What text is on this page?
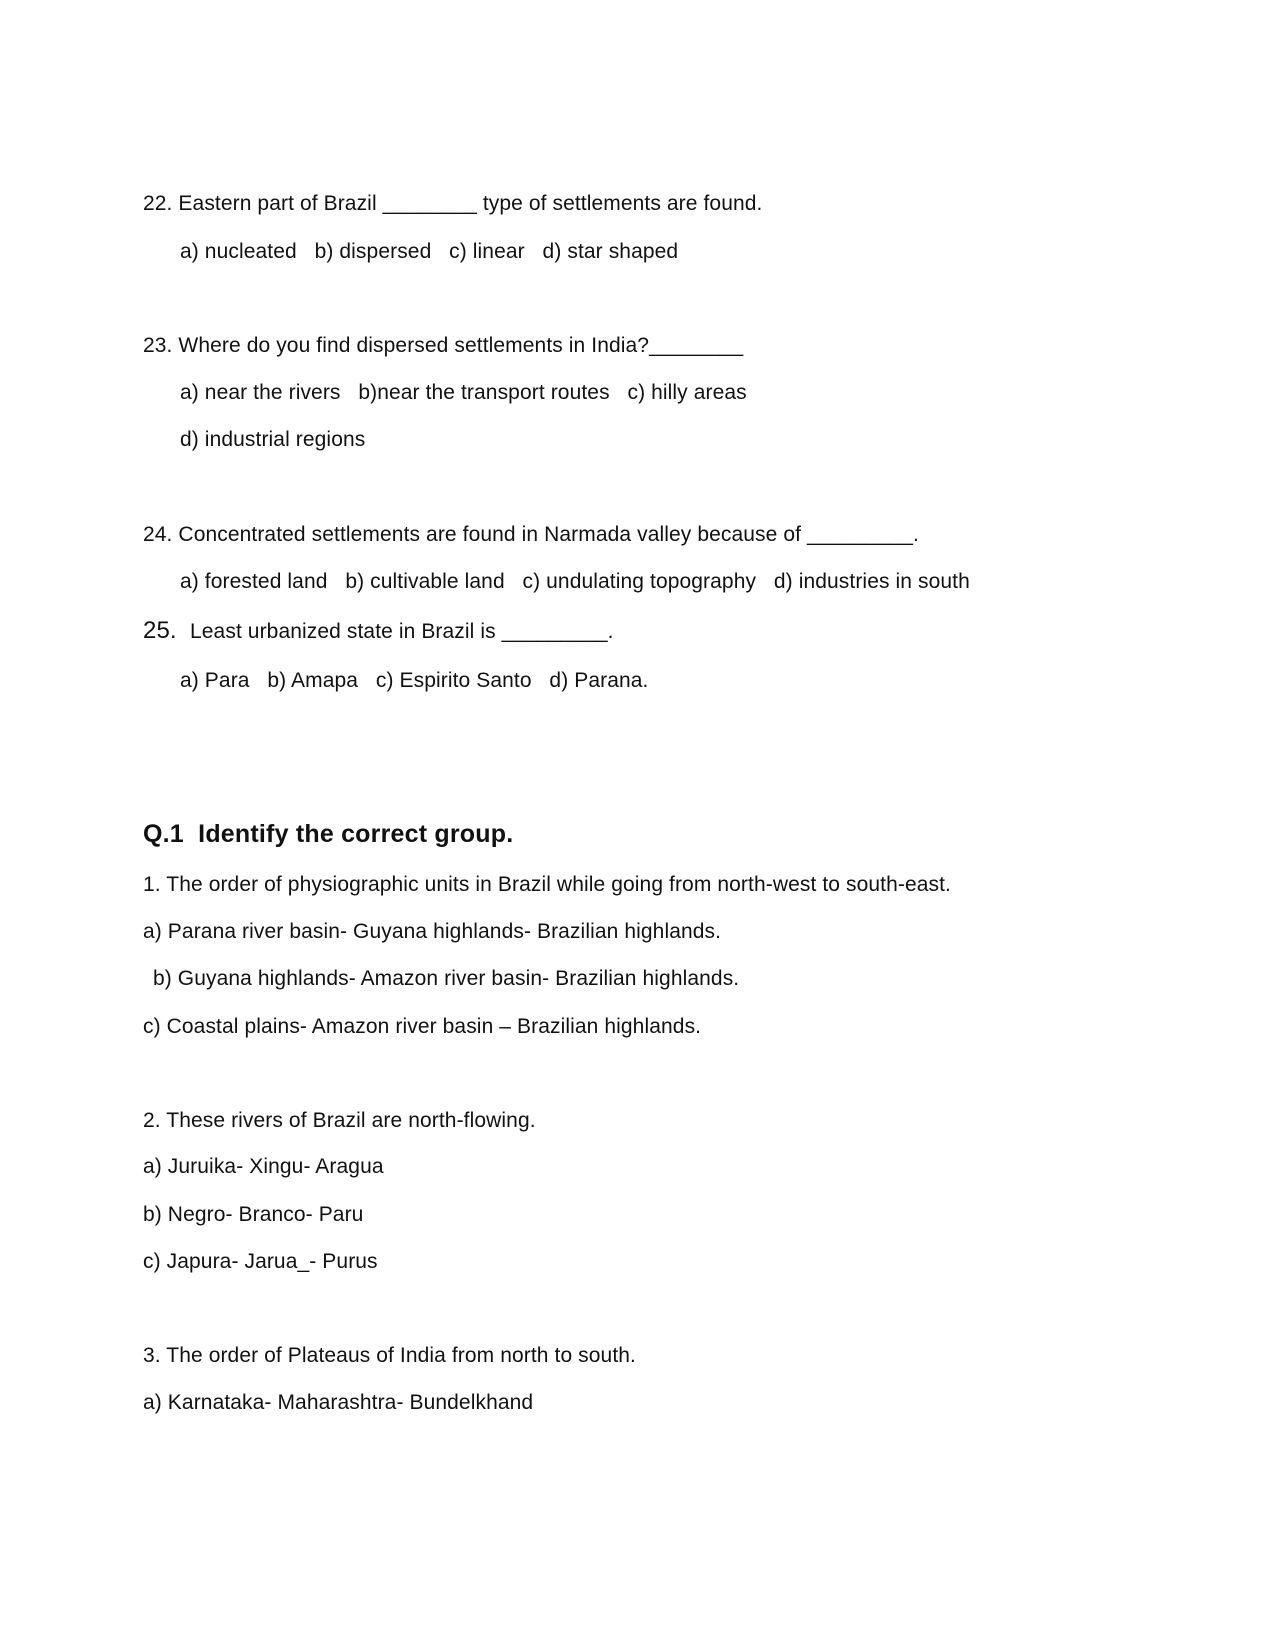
22. Eastern part of Brazil ________ type of settlements are found.
a) nucleated   b) dispersed   c) linear   d) star shaped
23. Where do you find dispersed settlements in India?________
a) near the rivers   b)near the transport routes   c) hilly areas
d) industrial regions
24. Concentrated settlements are found in Narmada valley because of _________.
a) forested land   b) cultivable land   c) undulating topography   d) industries in south
25. Least urbanized state in Brazil is _________.
a) Para   b) Amapa   c) Espirito Santo   d) Parana.
Q.1  Identify the correct group.
1. The order of physiographic units in Brazil while going from north-west to south-east.
a) Parana river basin- Guyana highlands- Brazilian highlands.
b) Guyana highlands- Amazon river basin- Brazilian highlands.
c) Coastal plains- Amazon river basin – Brazilian highlands.
2. These rivers of Brazil are north-flowing.
a) Juruika- Xingu- Aragua
b) Negro- Branco- Paru
c) Japura- Jarua_- Purus
3. The order of Plateaus of India from north to south.
a) Karnataka- Maharashtra- Bundelkhand
